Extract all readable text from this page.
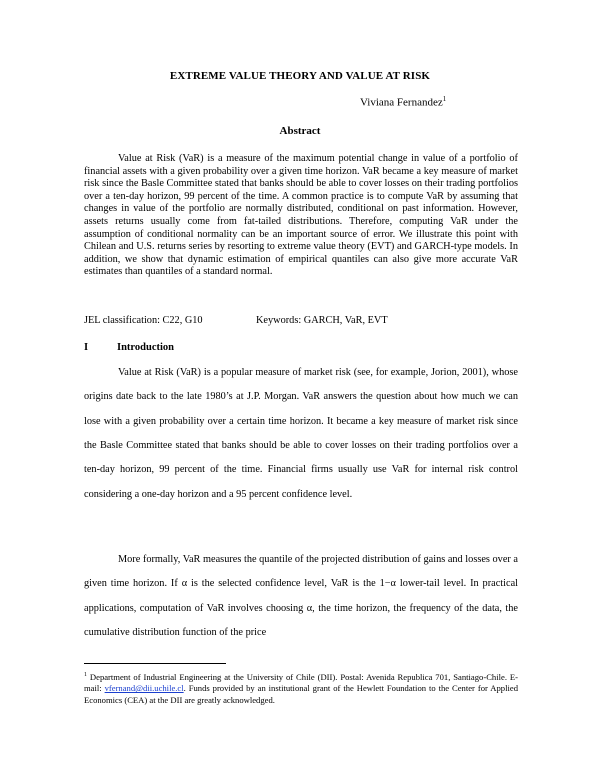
EXTREME VALUE THEORY AND VALUE AT RISK
Viviana Fernandez$^1$
Abstract

Value at Risk (VaR) is a measure of the maximum potential change in value of a portfolio of financial assets with a given probability over a given time horizon. VaR became a key measure of market risk since the Basle Committee stated that banks should be able to cover losses on their trading portfolios over a ten-day horizon, 99 percent of the time. A common practice is to compute VaR by assuming that changes in value of the portfolio are normally distributed, conditional on past information. However, assets returns usually come from fat-tailed distributions. Therefore, computing VaR under the assumption of conditional normality can be an important source of error. We illustrate this point with Chilean and U.S. returns series by resorting to extreme value theory (EVT) and GARCH-type models. In addition, we show that dynamic estimation of empirical quantiles can also give more accurate VaR estimates than quantiles of a standard normal.

JEL classification: C22, G10	Keywords: GARCH, VaR, EVT
I	Introduction

Value at Risk (VaR) is a popular measure of market risk (see, for example, Jorion, 2001), whose origins date back to the late 1980’s at J.P. Morgan. VaR answers the question about how much we can lose with a given probability over a certain time horizon. It became a key measure of market risk since the Basle Committee stated that banks should be able to cover losses on their trading portfolios over a ten-day horizon, 99 percent of the time. Financial firms usually use VaR for internal risk control considering a one-day horizon and a 95 percent confidence level.

More formally, VaR measures the quantile of the projected distribution of gains and losses over a given time horizon. If α is the selected confidence level, VaR is the 1−α lower-tail level. In practical applications, computation of VaR involves choosing α, the time horizon, the frequency of the data, the cumulative distribution function of the price

$^1$ Department of Industrial Engineering at the University of Chile (DII). Postal: Avenida Republica 701, Santiago-Chile. E-mail: vfernand@dii.uchile.cl. Funds provided by an institutional grant of the Hewlett Foundation to the Center for Applied Economics (CEA) at the DII are greatly acknowledged.
